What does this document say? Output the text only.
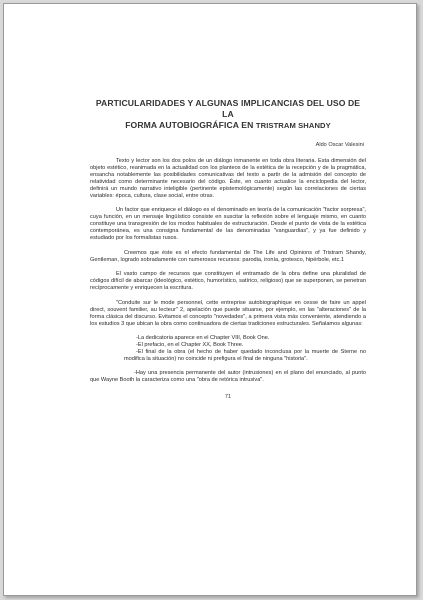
PARTICULARIDADES Y ALGUNAS IMPLICANCIAS DEL USO DE LA
FORMA AUTOBIOGRÁFICA EN TRISTRAM SHANDY
Aldo Oscar Valesini

Texto y lector son los dos polos de un diálogo inmanente en toda obra literaria. Esta dimensión del objeto estético, reanimada en la actualidad con los planteos de la estética de la recepción y de la pragmática, ensancha notablemente las posibilidades comunicativas del texto a partir de la admisión del concepto de relatividad como determinante necesario del código. Éste, en cuanto actualice la enciclopedia del lector, definirá un mundo narrativo inteligible (pertinente epistemológicamente) según las correlaciones de ciertas variables: época, cultura, clase social, entre otras.

Un factor que enriquece el diálogo es el denominado en teoría de la comunicación "factor sorpresa", cuya función, en un mensaje lingüístico consiste en suscitar la reflexión sobre el lenguaje mismo, en cuanto constituye una transgresión de los modos habituales de estructuración. Desde el punto de vista de la estética contemporánea, es una consigna fundamental de las denominadas "vanguardias", y ya fue definido y estudiado por los formalistas rusos.

Creemos que éste es el efecto fundamental de The Life and Opinions of Tristram Shandy, Gentleman, logrado sobradamente con numerosos recursos: parodia, ironía, grotesco, hipérbole, etc.1

El vasto campo de recursos que constituyen el entramado de la obra define una pluralidad de códigos difícil de abarcar (ideológico, estético, humorístico, satírico, religioso) que se superponen, se penetran recíprocamente y enriquecen la escritura.

"Conduite sur le mode personnel, cette entreprise autobiographique en cesse de faire un appel direct, souvent familier, au lecteur" 2, apelación que puede situarse, por ejemplo, en las "alteraciones" de la forma clásica del discurso. Evitamos el concepto "novedades", a primera vista más conveniente, atendiendo a los estudios 3 que ubican la obra como continuadora de ciertas tradiciones estructurales. Señalamos algunas:

-La dedicatoria aparece en el Chapter VIII, Book One.

-El prefacio, en el Chapter XX, Book Three.

-El final de la obra (el hecho de haber quedado inconclusa por la muerte de Sterne no modifica la situación) no coincide ni prefigura el final de ninguna "historia".

-Hay una presencia permanente del autor (intrusiones) en el plano del enunciado, al punto que Wayne Booth la caracteriza como una "obra de retórica intrusiva".

71
